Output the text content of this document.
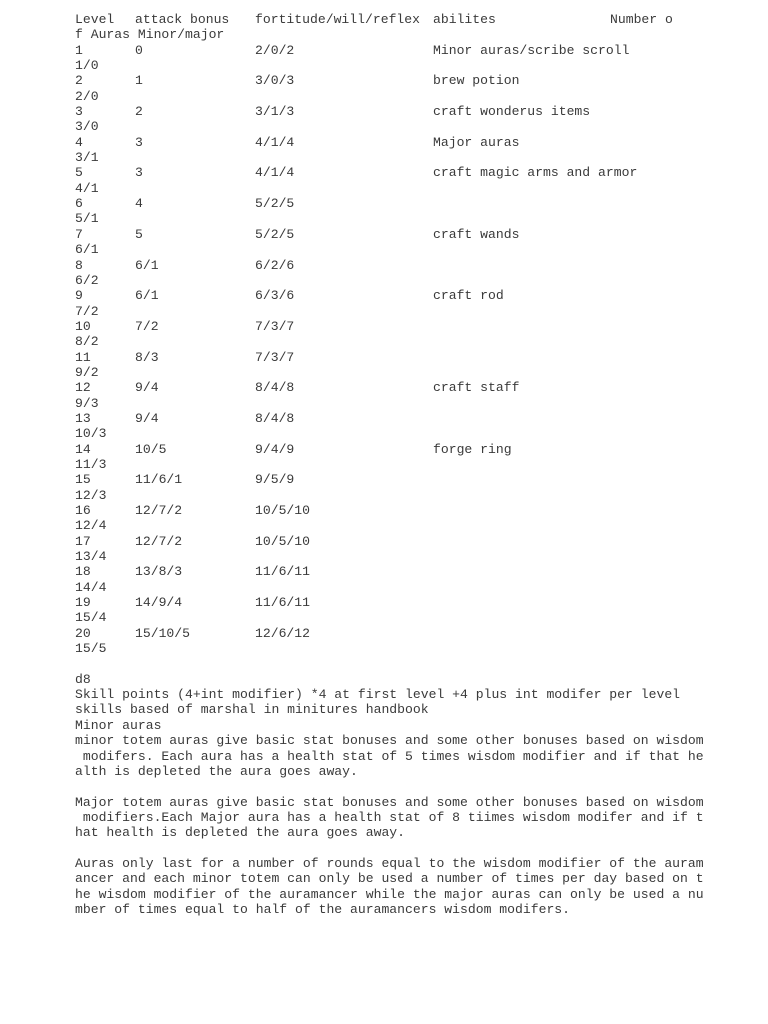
Level attack bonus fortitude/will/reflex abilites	Number o
f Auras Minor/major
1	0	2/0/2	Minor auras/scribe scroll
1/0
2	1	3/0/3	brew potion
2/0
3	2	3/1/3	craft wonderus items
3/0
4	3	4/1/4	Major auras
3/1
5	3	4/1/4	craft magic arms and armor
4/1
6	4	5/2/5
5/1
7	5	5/2/5	craft wands
6/1
8	6/1	6/2/6
6/2
9	6/1	6/3/6	craft rod
7/2
10	7/2	7/3/7
8/2
11	8/3	7/3/7
9/2
12	9/4	8/4/8	craft staff
9/3
13	9/4	8/4/8
10/3
14	10/5	9/4/9	forge ring
11/3
15	11/6/1	9/5/9
12/3
16	12/7/2	10/5/10
12/4
17	12/7/2	10/5/10
13/4
18	13/8/3	11/6/11
14/4
19	14/9/4	11/6/11
15/4
20	15/10/5	12/6/12
15/5
d8
Skill points (4+int modifier) *4 at first level +4 plus int modifer per level
skills based of marshal in minitures handbook
Minor auras
minor totem auras give basic stat bonuses and some other bonuses based on wisdom
modifers. Each aura has a health stat of 5 times wisdom modifier and if that he
alth is depleted the aura goes away.
Major totem auras give basic stat bonuses and some other bonuses based on wisdom
modifiers.Each Major aura has a health stat of 8 tiimes wisdom modifer and if t
hat health is depleted the aura goes away.
Auras only last for a number of rounds equal to the wisdom modifier of the auram
ancer and each minor totem can only be used a number of times per day based on t
he wisdom modifier of the auramancer while the major auras can only be used a nu
mber of times equal to half of the auramancers wisdom modifers.
